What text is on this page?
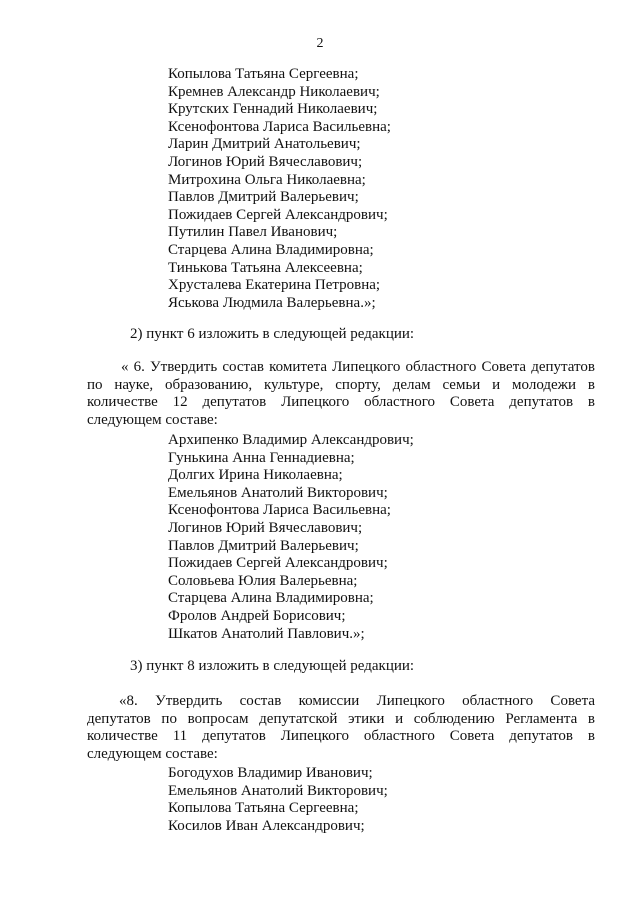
2
Копылова Татьяна Сергеевна;
Кремнев Александр Николаевич;
Крутских Геннадий Николаевич;
Ксенофонтова Лариса Васильевна;
Ларин Дмитрий Анатольевич;
Логинов Юрий Вячеславович;
Митрохина Ольга Николаевна;
Павлов Дмитрий Валерьевич;
Пожидаев Сергей Александрович;
Путилин Павел Иванович;
Старцева Алина Владимировна;
Тинькова Татьяна Алексеевна;
Хрусталева Екатерина Петровна;
Яськова Людмила Валерьевна.»;
2) пункт 6 изложить в следующей редакции:
« 6. Утвердить состав комитета Липецкого областного Совета депутатов
по науке, образованию, культуре, спорту, делам семьи и молодежи в
количестве 12 депутатов Липецкого областного Совета депутатов в
следующем составе:
Архипенко Владимир Александрович;
Гунькина Анна Геннадиевна;
Долгих Ирина Николаевна;
Емельянов Анатолий Викторович;
Ксенофонтова Лариса Васильевна;
Логинов Юрий Вячеславович;
Павлов Дмитрий Валерьевич;
Пожидаев Сергей Александрович;
Соловьева Юлия Валерьевна;
Старцева Алина Владимировна;
Фролов Андрей Борисович;
Шкатов Анатолий Павлович.»;
3) пункт 8 изложить в следующей редакции:
«8. Утвердить состав комиссии Липецкого областного Совета
депутатов по вопросам депутатской этики и соблюдению Регламента в
количестве 11 депутатов Липецкого областного Совета депутатов в
следующем составе:
Богодухов Владимир Иванович;
Емельянов Анатолий Викторович;
Копылова Татьяна Сергеевна;
Косилов Иван Александрович;
